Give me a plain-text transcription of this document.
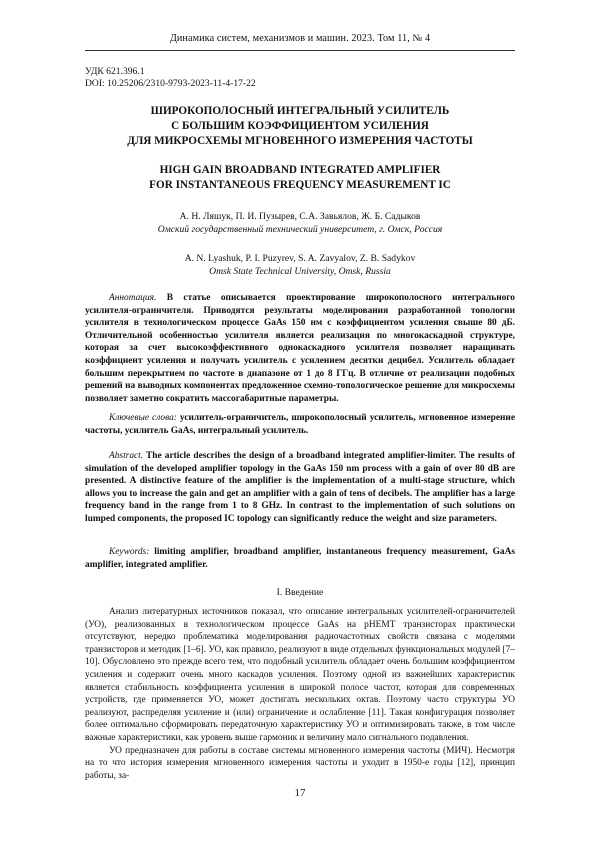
Динамика систем, механизмов и машин. 2023. Том 11, № 4
УДК 621.396.1
DOI: 10.25206/2310-9793-2023-11-4-17-22
ШИРОКОПОЛОСНЫЙ ИНТЕГРАЛЬНЫЙ УСИЛИТЕЛЬ
С БОЛЬШИМ КОЭФФИЦИЕНТОМ УСИЛЕНИЯ
ДЛЯ МИКРОСХЕМЫ МГНОВЕННОГО ИЗМЕРЕНИЯ ЧАСТОТЫ
HIGH GAIN BROADBAND INTEGRATED AMPLIFIER
FOR INSTANTANEOUS FREQUENCY MEASUREMENT IC
А. Н. Ляшук, П. И. Пузырев, С.А. Завьялов, Ж. Б. Садыков
Омский государственный технический университет, г. Омск, Россия
A. N. Lyashuk, P. I. Puzyrev, S. A. Zavyalov, Z. B. Sadykov
Omsk State Technical University, Omsk, Russia

Аннотация. В статье описывается проектирование широкополосного интегрального усилителя-ограничителя. Приводятся результаты моделирования разработанной топологии усилителя в технологическом процессе GaAs 150 нм с коэффициентом усиления свыше 80 дБ. Отличительной особенностью усилителя является реализация по многокаскадной структуре, которая за счет высокоэффективного однокаскадного усилителя позволяет наращивать коэффициент усиления и получать усилитель с усилением десятки децибел. Усилитель обладает большим перекрытием по частоте в диапазоне от 1 до 8 ГГц. В отличие от реализации подобных решений на выводных компонентах предложенное схемно-топологическое решение для микросхемы позволяет заметно сократить массогабаритные параметры.

Ключевые слова: усилитель-ограничитель, широкополосный усилитель, мгновенное измерение частоты, усилитель GaAs, интегральный усилитель.

Abstract. The article describes the design of a broadband integrated amplifier-limiter. The results of simulation of the developed amplifier topology in the GaAs 150 nm process with a gain of over 80 dB are presented. A distinctive feature of the amplifier is the implementation of a multi-stage structure, which allows you to increase the gain and get an amplifier with a gain of tens of decibels. The amplifier has a large frequency band in the range from 1 to 8 GHz. In contrast to the implementation of such solutions on lumped components, the proposed IC topology can significantly reduce the weight and size parameters.

Keywords: limiting amplifier, broadband amplifier, instantaneous frequency measurement, GaAs amplifier, integrated amplifier.

I. Введение

Анализ литературных источников показал, что описание интегральных усилителей-ограничителей (УО), реализованных в технологическом процессе GaAs на pHEMT транзисторах практически отсутствуют, нередко проблематика моделирования радиочастотных свойств связана с моделями транзисторов и методик [1–6]. УО, как правило, реализуют в виде отдельных функциональных модулей [7–10]. Обусловлено это прежде всего тем, что подобный усилитель обладает очень большим коэффициентом усиления и содержит очень много каскадов усиления. Поэтому одной из важнейших характеристик является стабильность коэффициента усиления в широкой полосе частот, которая для современных устройств, где применяется УО, может достигать нескольких октав. Поэтому часто структуры УО реализуют, распределяя усиление и (или) ограничение и ослабление [11]. Такая конфигурация позволяет более оптимально сформировать передаточную характеристику УО и оптимизировать также, в том числе важные характеристики, как уровень выше гармоник и величину мало сигнального подавления.

УО предназначен для работы в составе системы мгновенного измерения частоты (МИЧ). Несмотря на то что история измерения мгновенного измерения частоты и уходит в 1950-е годы [12], принцип работы, за-

17
